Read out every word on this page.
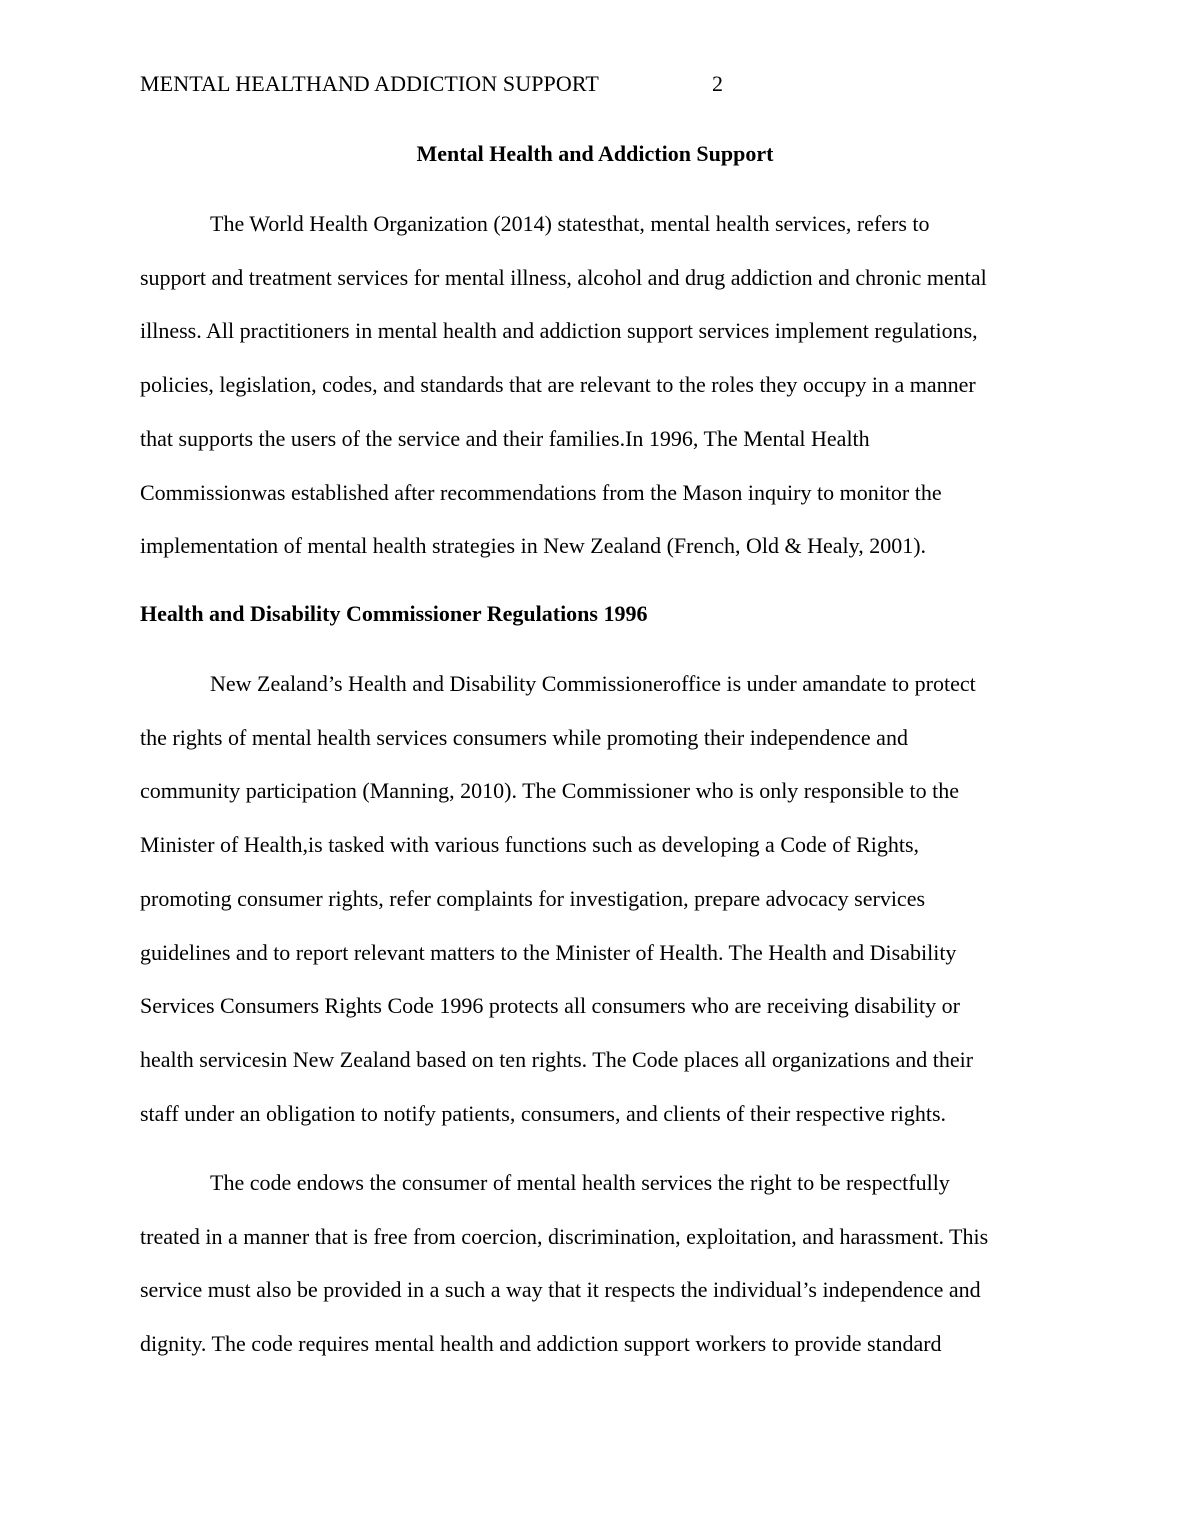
MENTAL HEALTHAND ADDICTION SUPPORT	2
Mental Health and Addiction Support
The World Health Organization (2014) statesthat, mental health services, refers to
support and treatment services for mental illness, alcohol and drug addiction and chronic mental
illness. All practitioners in mental health and addiction support services implement regulations,
policies, legislation, codes, and standards that are relevant to the roles they occupy in a manner
that supports the users of the service and their families.In 1996, The Mental Health
Commissionwas established after recommendations from the Mason inquiry to monitor the
implementation of mental health strategies in New Zealand (French, Old & Healy, 2001).
Health and Disability Commissioner Regulations 1996
New Zealand’s Health and Disability Commissioneroffice is under amandate to protect
the rights of mental health services consumers while promoting their independence and
community participation (Manning, 2010). The Commissioner who is only responsible to the
Minister of Health,is tasked with various functions such as developing a Code of Rights,
promoting consumer rights, refer complaints for investigation, prepare advocacy services
guidelines and to report relevant matters to the Minister of Health. The Health and Disability
Services Consumers Rights Code 1996 protects all consumers who are receiving disability or
health servicesin New Zealand based on ten rights. The Code places all organizations and their
staff under an obligation to notify patients, consumers, and clients of their respective rights.
The code endows the consumer of mental health services the right to be respectfully
treated in a manner that is free from coercion, discrimination, exploitation, and harassment. This
service must also be provided in a such a way that it respects the individual’s independence and
dignity. The code requires mental health and addiction support workers to provide standard
